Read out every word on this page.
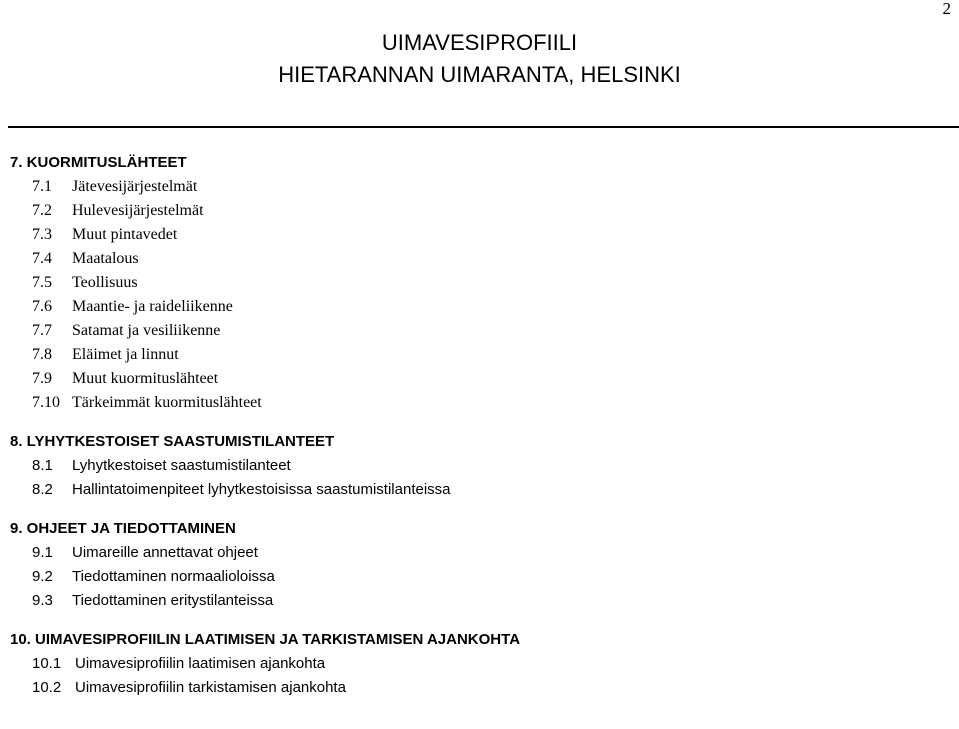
2
UIMAVESIPROFIILI
HIETARANNAN UIMARANTA, HELSINKI
7. KUORMITUSLÄHTEET
7.1 Jätevesijärjestelmät
7.2 Hulevesijärjestelmät
7.3 Muut pintavedet
7.4 Maatalous
7.5 Teollisuus
7.6 Maantie- ja raideliikenne
7.7 Satamat ja vesiliikenne
7.8 Eläimet ja linnut
7.9 Muut kuormituslähteet
7.10 Tärkeimmät kuormituslähteet
8. LYHYTKESTOISET SAASTUMISTILANTEET
8.1 Lyhytkestoiset saastumistilanteet
8.2 Hallintatoimenpiteet lyhytkestoisissa saastumistilanteissa
9. OHJEET JA TIEDOTTAMINEN
9.1 Uimareille annettavat ohjeet
9.2 Tiedottaminen normaalioloissa
9.3 Tiedottaminen eritystilanteissa
10. UIMAVESIPROFIILIN LAATIMISEN JA TARKISTAMISEN AJANKOHTA
10.1 Uimavesiprofiilin laatimisen ajankohta
10.2 Uimavesiprofiilin tarkistamisen ajankohta
